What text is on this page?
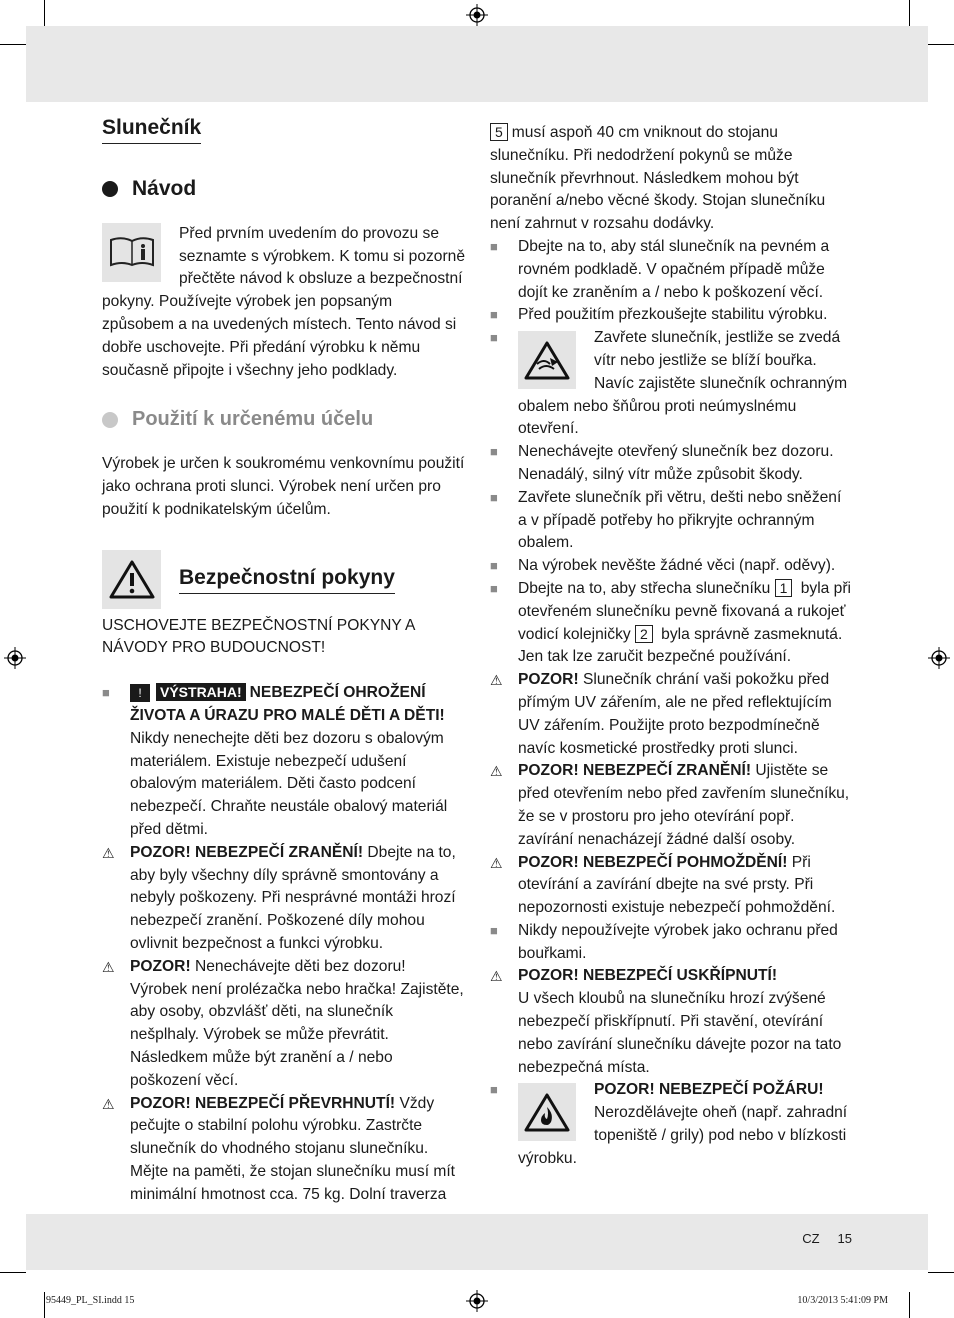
Slunečník
Návod

Před prvním uvedením do provozu se seznamte s výrobkem. K tomu si pozorně přečtěte návod k obsluze a bezpečnostní pokyny. Používejte výrobek jen popsaným způsobem a na uvedených místech. Tento návod si dobře uschovejte. Při předání výrobku k němu současně připojte i všechny jeho podklady.

Použití k určenému účelu

Výrobek je určen k soukromému venkovnímu použití jako ochrana proti slunci. Výrobek není určen pro použití k podnikatelským účelům.

Bezpečnostní pokyny

USCHOVEJTE BEZPEČNOSTNÍ POKYNY A NÁVODY PRO BUDOUCNOST!

■	! VÝSTRAHA! NEBEZPEČÍ OHROŽENÍ ŽIVOTA A ÚRAZU PRO MALÉ DĚTI A DĚTI! Nikdy nenechejte děti bez dozoru s obalovým materiálem. Existuje nebezpečí udušení obalovým materiálem. Děti často podcení nebezpečí. Chraňte neustále obalový materiál před dětmi.
⚠ POZOR! NEBEZPEČÍ ZRANĚNÍ! Dbejte na to, aby byly všechny díly správně smontovány a nebyly poškozeny. Při nesprávné montáži hrozí nebezpečí zranění. Poškozené díly mohou ovlivnit bezpečnost a funkci výrobku.
⚠ POZOR! Nenechávejte děti bez dozoru! Výrobek není prolézačka nebo hračka! Zajistěte, aby osoby, obzvlášť děti, na slunečník nešplhaly. Výrobek se může převrátit. Následkem může být zranění a / nebo poškození věcí.
⚠ POZOR! NEBEZPEČÍ PŘEVRHNUTÍ! Vždy pečujte o stabilní polohu výrobku. Zastrčte slunečník do vhodného stojanu slunečníku. Mějte na paměti, že stojan slunečníku musí mít minimální hmotnost cca. 75 kg. Dolní traverza
5 musí aspoň 40 cm vniknout do stojanu slunečníku. Při nedodržení pokynů se může slunečník převrhnout. Následkem mohou být poranění a/nebo věcné škody. Stojan slunečníku není zahrnut v rozsahu dodávky.
■	Dbejte na to, aby stál slunečník na pevném a rovném podkladě. V opačném případě může dojít ke zraněním a / nebo k poškození věcí.
■	Před použitím přezkoušejte stabilitu výrobku.
■	Zavřete slunečník, jestliže se zvedá vítr nebo jestliže se blíží bouřka. Navíc zajistěte slunečník ochranným obalem nebo šňůrou proti neúmyslnému otevření.
■	Nenechávejte otevřený slunečník bez dozoru. Nenadálý, silný vítr může způsobit škody.
■	Zavřete slunečník při větru, dešti nebo sněžení a v případě potřeby ho přikryjte ochranným obalem.
■	Na výrobek nevěšte žádné věci (např. oděvy).
■	Dbejte na to, aby střecha slunečníku 1 byla při otevřeném slunečníku pevně fixovaná a rukojeť vodicí kolejničky 2 byla správně zasmeknutá. Jen tak lze zaručit bezpečné používání.
⚠ POZOR! Slunečník chrání vaši pokožku před přímým UV zářením, ale ne před reflektujícím UV zářením. Použijte proto bezpodmínečně navíc kosmetické prostředky proti slunci.
⚠ POZOR! NEBEZPEČÍ ZRANĚNÍ! Ujistěte se před otevřením nebo před zavřením slunečníku, že se v prostoru pro jeho otevírání popř. zavírání nenacházejí žádné další osoby.
⚠ POZOR! NEBEZPEČÍ POHMOŽDĚNÍ! Při otevírání a zavírání dbejte na své prsty. Při nepozornosti existuje nebezpečí pohmoždění.
■	Nikdy nepoužívejte výrobek jako ochranu před bouřkami.
⚠ POZOR! NEBEZPEČÍ USKŘÍPNUTÍ!
U všech kloubů na slunečníku hrozí zvýšené nebezpečí přiskřípnutí. Při stavění, otevírání nebo zavírání slunečníku dávejte pozor na tato nebezpečná místa.
■	POZOR! NEBEZPEČÍ POŽÁRU! Nerozdělávejte oheň (např. zahradní topeniště / grily) pod nebo v blízkosti výrobku.
CZ 15
95449_PL_SI.indd 15	10/3/2013 5:41:09 PM
